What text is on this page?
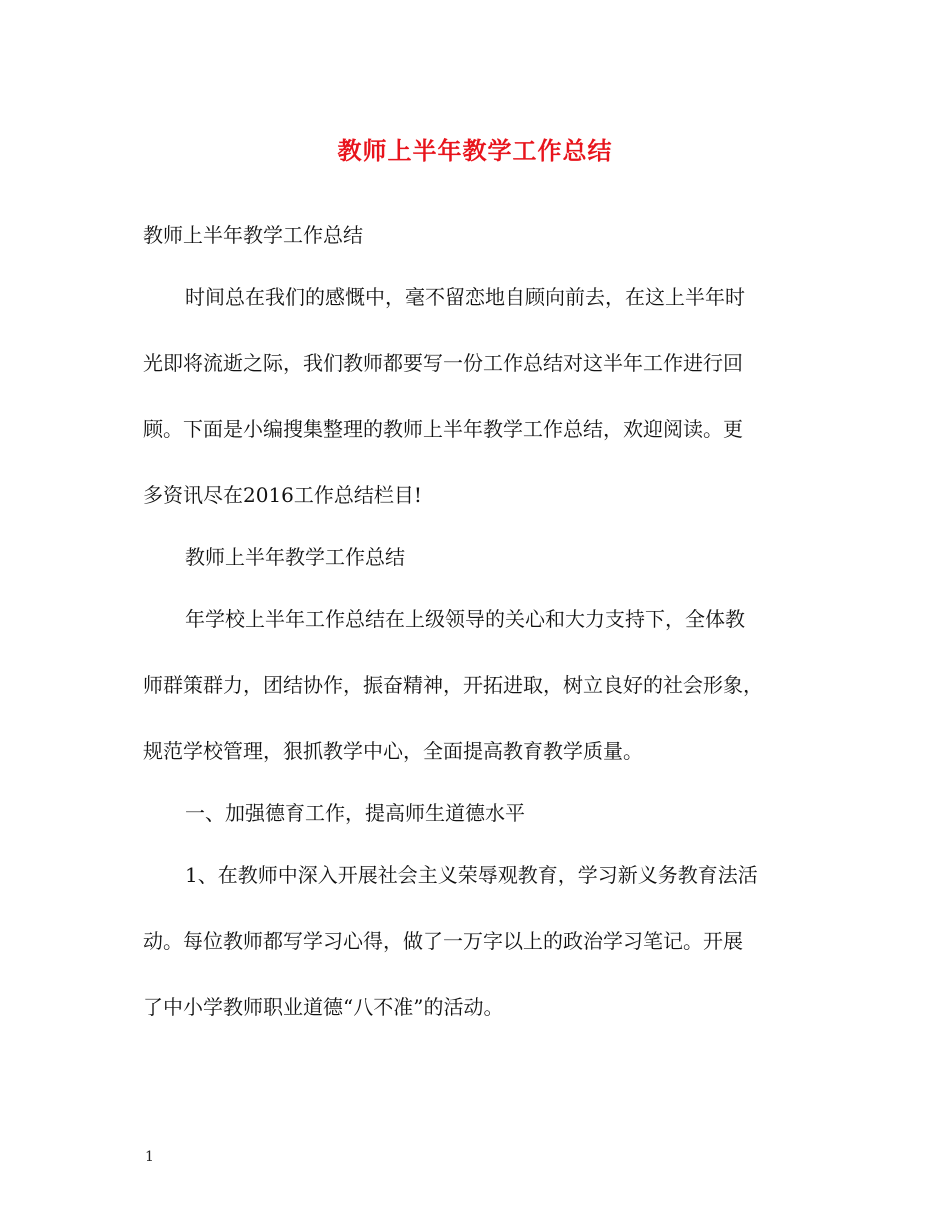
教师上半年教学工作总结
教师上半年教学工作总结
时间总在我们的感慨中，毫不留恋地自顾向前去，在这上半年时
光即将流逝之际，我们教师都要写一份工作总结对这半年工作进行回
顾。下面是小编搜集整理的教师上半年教学工作总结，欢迎阅读。更
多资讯尽在2016工作总结栏目!
教师上半年教学工作总结
年学校上半年工作总结在上级领导的关心和大力支持下，全体教
师群策群力，团结协作，振奋精神，开拓进取，树立良好的社会形象，
规范学校管理，狠抓教学中心，全面提高教育教学质量。
一、加强德育工作，提高师生道德水平
1、在教师中深入开展社会主义荣辱观教育，学习新义务教育法活
动。每位教师都写学习心得，做了一万字以上的政治学习笔记。开展
了中小学教师职业道德“八不准”的活动。
1
